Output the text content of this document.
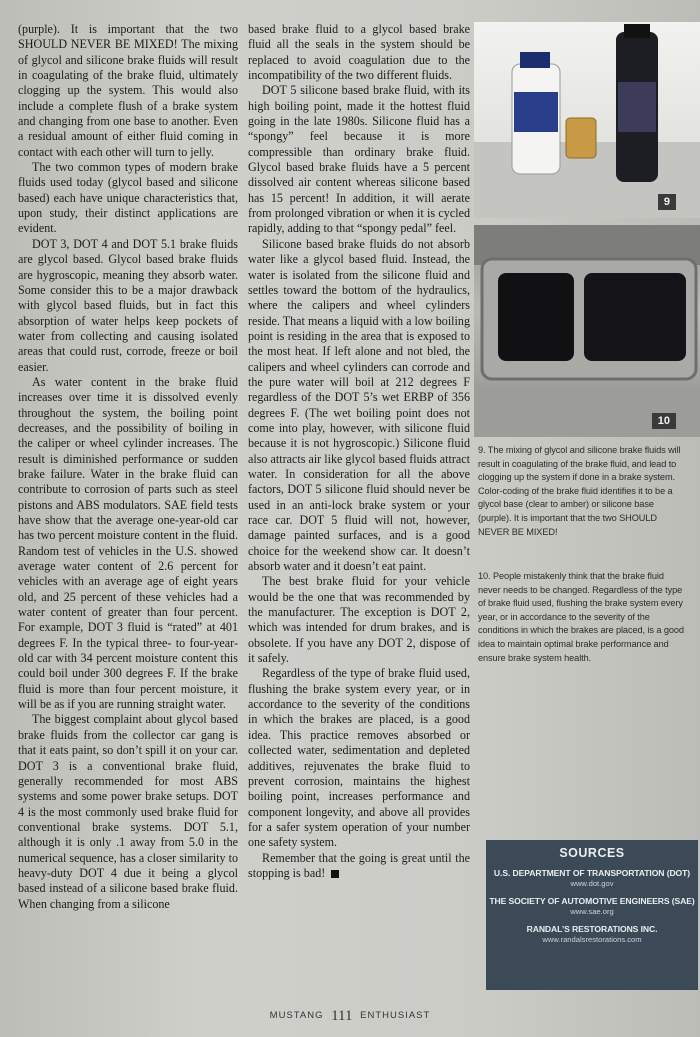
(purple). It is important that the two SHOULD NEVER BE MIXED! The mixing of glycol and silicone brake fluids will result in coagulating of the brake fluid, ultimately clogging up the system. This would also include a complete flush of a brake system and changing from one base to another. Even a residual amount of either fluid coming in contact with each other will turn to jelly.

The two common types of modern brake fluids used today (glycol based and silicone based) each have unique characteristics that, upon study, their distinct applications are evident.

DOT 3, DOT 4 and DOT 5.1 brake fluids are glycol based. Glycol based brake fluids are hygroscopic, meaning they absorb water. Some consider this to be a major drawback with glycol based fluids, but in fact this absorption of water helps keep pockets of water from collecting and causing isolated areas that could rust, corrode, freeze or boil easier.

As water content in the brake fluid increases over time it is dissolved evenly throughout the system, the boiling point decreases, and the possibility of boiling in the caliper or wheel cylinder increases. The result is diminished performance or sudden brake failure. Water in the brake fluid can contribute to corrosion of parts such as steel pistons and ABS modulators. SAE field tests have show that the average one-year-old car has two percent moisture content in the fluid. Random test of vehicles in the U.S. showed average water content of 2.6 percent for vehicles with an average age of eight years old, and 25 percent of these vehicles had a water content of greater than four percent. For example, DOT 3 fluid is “rated” at 401 degrees F. In the typical three- to four-year-old car with 34 percent moisture content this could boil under 300 degrees F. If the brake fluid is more than four percent moisture, it will be as if you are running straight water.

The biggest complaint about glycol based brake fluids from the collector car gang is that it eats paint, so don’t spill it on your car. DOT 3 is a conventional brake fluid, generally recommended for most ABS systems and some power brake setups. DOT 4 is the most commonly used brake fluid for conventional brake systems. DOT 5.1, although it is only .1 away from 5.0 in the numerical sequence, has a closer similarity to heavy-duty DOT 4 due it being a glycol based instead of a silicone based brake fluid. When changing from a silicone

based brake fluid to a glycol based brake fluid all the seals in the system should be replaced to avoid coagulation due to the incompatibility of the two different fluids.

DOT 5 silicone based brake fluid, with its high boiling point, made it the hottest fluid going in the late 1980s. Silicone fluid has a “spongy” feel because it is more compressible than ordinary brake fluid. Glycol based brake fluids have a 5 percent dissolved air content whereas silicone based has 15 percent! In addition, it will aerate from prolonged vibration or when it is cycled rapidly, adding to that “spongy pedal” feel.

Silicone based brake fluids do not absorb water like a glycol based fluid. Instead, the water is isolated from the silicone fluid and settles toward the bottom of the hydraulics, where the calipers and wheel cylinders reside. That means a liquid with a low boiling point is residing in the area that is exposed to the most heat. If left alone and not bled, the calipers and wheel cylinders can corrode and the pure water will boil at 212 degrees F regardless of the DOT 5’s wet ERBP of 356 degrees F. (The wet boiling point does not come into play, however, with silicone fluid because it is not hygroscopic.) Silicone fluid also attracts air like glycol based fluids attract water. In consideration for all the above factors, DOT 5 silicone fluid should never be used in an anti-lock brake system or your race car. DOT 5 fluid will not, however, damage painted surfaces, and is a good choice for the weekend show car. It doesn’t absorb water and it doesn’t eat paint.

The best brake fluid for your vehicle would be the one that was recommended by the manufacturer. The exception is DOT 2, which was intended for drum brakes, and is obsolete. If you have any DOT 2, dispose of it safely.

Regardless of the type of brake fluid used, flushing the brake system every year, or in accordance to the severity of the conditions in which the brakes are placed, is a good idea. This practice removes absorbed or collected water, sedimentation and depleted additives, rejuvenates the brake fluid to prevent corrosion, maintains the highest boiling point, increases performance and component longevity, and above all provides for a safer system operation of your number one safety system.

Remember that the going is great until the stopping is bad!

9
10
9. The mixing of glycol and silicone brake fluids will result in coagulating of the brake fluid, and lead to clogging up the system if done in a brake system. Color-coding of the brake fluid identifies it to be a glycol base (clear to amber) or silicone base (purple). It is important that the two SHOULD NEVER BE MIXED!
10. People mistakenly think that the brake fluid never needs to be changed. Regardless of the type of brake fluid used, flushing the brake system every year, or in accordance to the severity of the conditions in which the brakes are placed, is a good idea to maintain optimal brake performance and ensure brake system health.
SOURCES
U.S. DEPARTMENT OF TRANSPORTATION (DOT)
www.dot.gov
THE SOCIETY OF AUTOMOTIVE ENGINEERS (SAE)
www.sae.org
RANDAL’S RESTORATIONS INC.
www.randalsrestorations.com
MUSTANG 111 ENTHUSIAST
